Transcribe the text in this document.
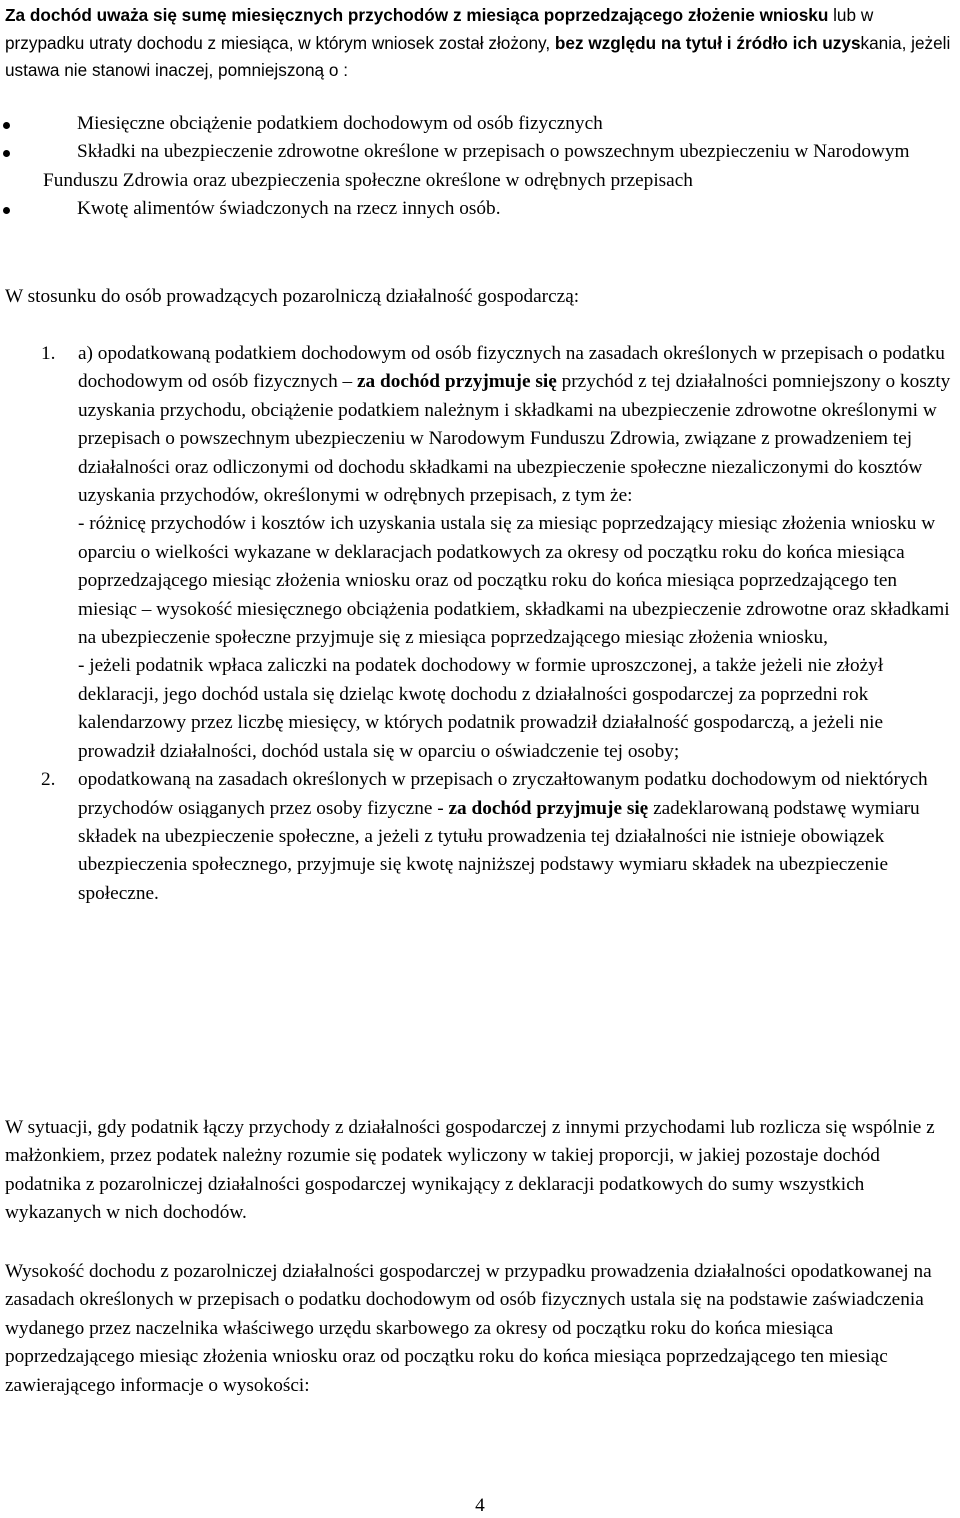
Za dochód uważa się sumę miesięcznych przychodów z miesiąca poprzedzającego złożenie wniosku lub w przypadku utraty dochodu z miesiąca, w którym wniosek został złożony, bez względu na tytuł i źródło ich uzyskania, jeżeli ustawa nie stanowi inaczej, pomniejszoną o :

Miesięczne obciążenie podatkiem dochodowym od osób fizycznych
Składki na ubezpieczenie zdrowotne określone w przepisach o powszechnym ubezpieczeniu w Narodowym Funduszu Zdrowia oraz ubezpieczenia społeczne określone w odrębnych przepisach
Kwotę alimentów świadczonych na rzecz innych osób.

W stosunku do osób prowadzących pozarolniczą działalność gospodarczą:

1. a) opodatkowaną podatkiem dochodowym od osób fizycznych na zasadach określonych w przepisach o podatku dochodowym od osób fizycznych – za dochód przyjmuje się przychód z tej działalności pomniejszony o koszty uzyskania przychodu, obciążenie podatkiem należnym i składkami na ubezpieczenie zdrowotne określonymi w przepisach o powszechnym ubezpieczeniu w Narodowym Funduszu Zdrowia, związane z prowadzeniem tej działalności oraz odliczonymi od dochodu składkami na ubezpieczenie społeczne niezaliczonymi do kosztów uzyskania przychodów, określonymi w odrębnych przepisach, z tym że:

- różnicę przychodów i kosztów ich uzyskania ustala się za miesiąc poprzedzający miesiąc złożenia wniosku w oparciu o wielkości wykazane w deklaracjach podatkowych za okresy od początku roku do końca miesiąca poprzedzającego miesiąc złożenia wniosku oraz od początku roku do końca miesiąca poprzedzającego ten miesiąc – wysokość miesięcznego obciążenia podatkiem, składkami na ubezpieczenie zdrowotne oraz składkami na ubezpieczenie społeczne przyjmuje się z miesiąca poprzedzającego miesiąc złożenia wniosku,

- jeżeli podatnik wpłaca zaliczki na podatek dochodowy w formie uproszczonej, a także jeżeli nie złożył deklaracji, jego dochód ustala się dzieląc kwotę dochodu z działalności gospodarczej za poprzedni rok kalendarzowy przez liczbę miesięcy, w których podatnik prowadził działalność gospodarczą, a jeżeli nie prowadził działalności, dochód ustala się w oparciu o oświadczenie tej osoby;

2. opodatkowaną na zasadach określonych w przepisach o zryczałtowanym podatku dochodowym od niektórych przychodów osiąganych przez osoby fizyczne - za dochód przyjmuje się zadeklarowaną podstawę wymiaru składek na ubezpieczenie społeczne, a jeżeli z tytułu prowadzenia tej działalności nie istnieje obowiązek ubezpieczenia społecznego, przyjmuje się kwotę najniższej podstawy wymiaru składek na ubezpieczenie społeczne.

W sytuacji, gdy podatnik łączy przychody z działalności gospodarczej z innymi przychodami lub rozlicza się wspólnie z małżonkiem, przez podatek należny rozumie się podatek wyliczony w takiej proporcji, w jakiej pozostaje dochód podatnika z pozarolniczej działalności gospodarczej wynikający z deklaracji podatkowych do sumy wszystkich wykazanych w nich dochodów.

Wysokość dochodu z pozarolniczej działalności gospodarczej w przypadku prowadzenia działalności opodatkowanej na zasadach określonych w przepisach o podatku dochodowym od osób fizycznych ustala się na podstawie zaświadczenia wydanego przez naczelnika właściwego urzędu skarbowego za okresy od początku roku do końca miesiąca poprzedzającego miesiąc złożenia wniosku oraz od początku roku do końca miesiąca poprzedzającego ten miesiąc zawierającego informacje o wysokości:

4
